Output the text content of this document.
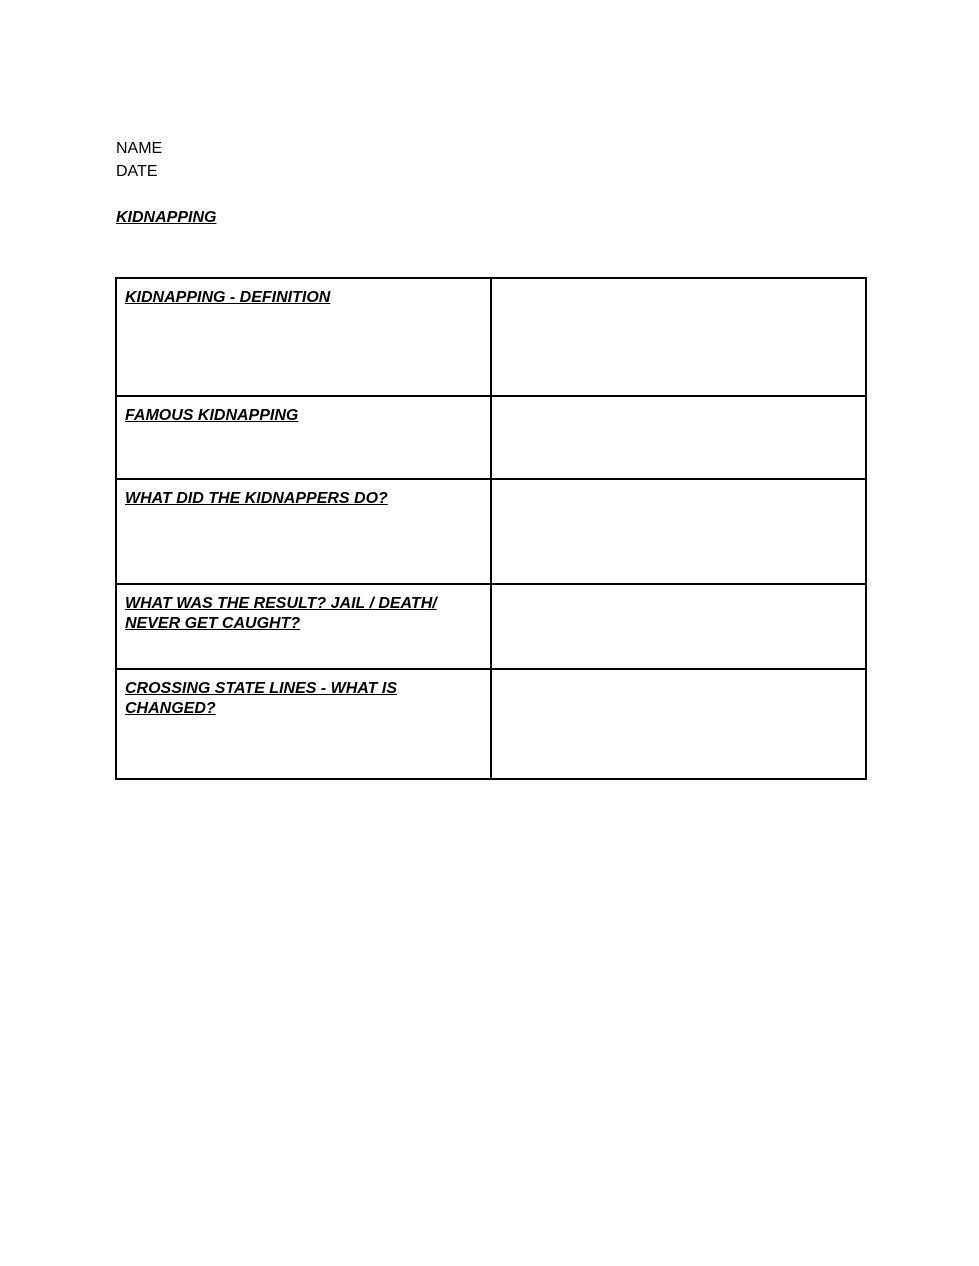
NAME
DATE
KIDNAPPING

KIDNAPPING - DEFINITION	

FAMOUS KIDNAPPING	

WHAT DID THE KIDNAPPERS DO?	

WHAT WAS THE RESULT? JAIL / DEATH/
NEVER GET CAUGHT?	

CROSSING STATE LINES - WHAT IS
CHANGED?	
